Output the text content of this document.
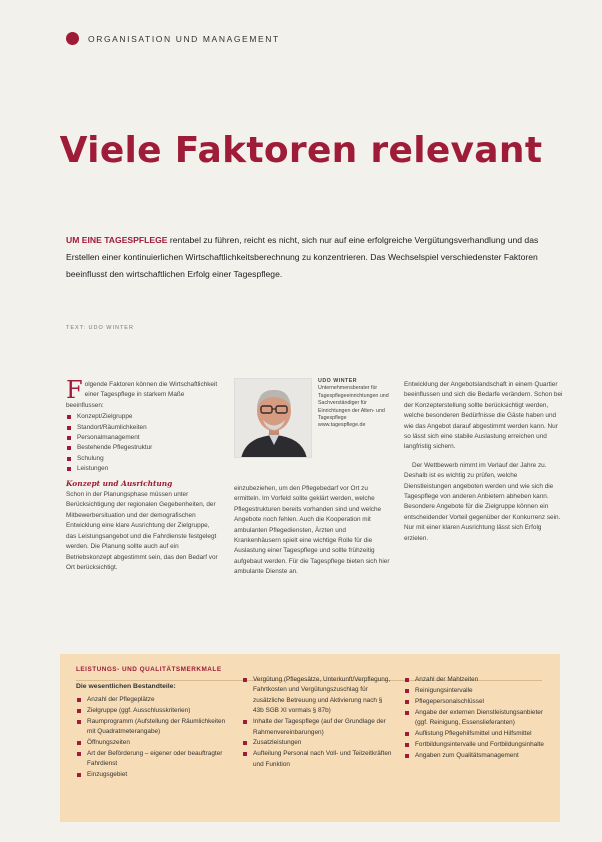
ORGANISATION UND MANAGEMENT
Viele Faktoren relevant

UM EINE TAGESPFLEGE rentabel zu führen, reicht es nicht, sich nur auf eine erfolgreiche Vergütungsverhandlung und das Erstellen einer kontinuierlichen Wirtschaftlichkeitsberechnung zu konzentrieren. Das Wechselspiel verschiedenster Faktoren beeinflusst den wirtschaftlichen Erfolg einer Tagespflege.

TEXT: UDO WINTER

Folgende Faktoren können die Wirtschaftlichkeit einer Tagespflege in starkem Maße beeinflussen:

Konzept/Zielgruppe
Standort/Räumlichkeiten
Personalmanagement
Bestehende Pflegestruktur
Schulung
Leistungen
Konzept und Ausrichtung

Schon in der Planungsphase müssen unter Berücksichtigung der regionalen Gegebenheiten, der Mitbewerbersituation und der demografischen Entwicklung eine klare Ausrichtung der Zielgruppe, das Leistungsangebot und die Fahrdienste festgelegt werden. Die Planung sollte auch auf ein Betriebskonzept abgestimmt sein, das den Bedarf vor Ort berücksichtigt.

UDO WINTER
Unternehmensberater für Tagespflegeeinrichtungen und Sachverständiger für Einrichtungen der Alten- und Tagespflege www.tagespflege.de

einzubeziehen, um den Pflegebedarf vor Ort zu ermitteln. Im Vorfeld sollte geklärt werden, welche Pflegestrukturen bereits vorhanden sind und welche Angebote noch fehlen. Auch die Kooperation mit ambulanten Pflegediensten, Ärzten und Krankenhäusern spielt eine wichtige Rolle für die Auslastung einer Tagespflege und sollte frühzeitig aufgebaut werden. Für die Tagespflege bieten sich hier ambulante Dienste an.

Entwicklung der Angebotslandschaft in einem Quartier beeinflussen und sich die Bedarfe verändern. Schon bei der Konzepterstellung sollte berücksichtigt werden, welche besonderen Bedürfnisse die Gäste haben und wie das Angebot darauf abgestimmt werden kann. Nur so lässt sich eine stabile Auslastung erreichen und langfristig sichern.

Der Wettbewerb nimmt im Verlauf der Jahre zu. Deshalb ist es wichtig zu prüfen, welche Dienstleistungen angeboten werden und wie sich die Tagespflege von anderen Anbietern abheben kann. Besondere Angebote für die Zielgruppe können ein entscheidender Vorteil gegenüber der Konkurrenz sein. Nur mit einer klaren Ausrichtung lässt sich Erfolg erzielen.

LEISTUNGS- UND QUALITÄTSMERKMALE
Die wesentlichen Bestandteile:
Anzahl der Pflegeplätze
Zielgruppe (ggf. Ausschlusskriterien)
Raumprogramm (Aufstellung der Räumlichkeiten mit Quadratmeterangabe)
Öffnungszeiten
Art der Beförderung – eigener oder beauftragter Fahrdienst
Einzugsgebiet
Vergütung (Pflegesätze, Unterkunft/Verpflegung, Fahrtkosten und Vergütungszuschlag für zusätzliche Betreuung und Aktivierung nach § 43b SGB XI vormals § 87b)
Inhalte der Tagespflege (auf der Grundlage der Rahmenvereinbarungen)
Zusatzleistungen
Aufteilung Personal nach Voll- und Teilzeitkräften und Funktion
Anzahl der Mahlzeiten
Reinigungsintervalle
Pflegepersonalschlüssel
Angabe der externen Dienstleistungsanbieter (ggf. Reinigung, Essenslieferanten)
Auflistung Pflegehilfsmittel und Hilfsmittel
Fortbildungsintervalle und Fortbildungsinhalte
Angaben zum Qualitätsmanagement
